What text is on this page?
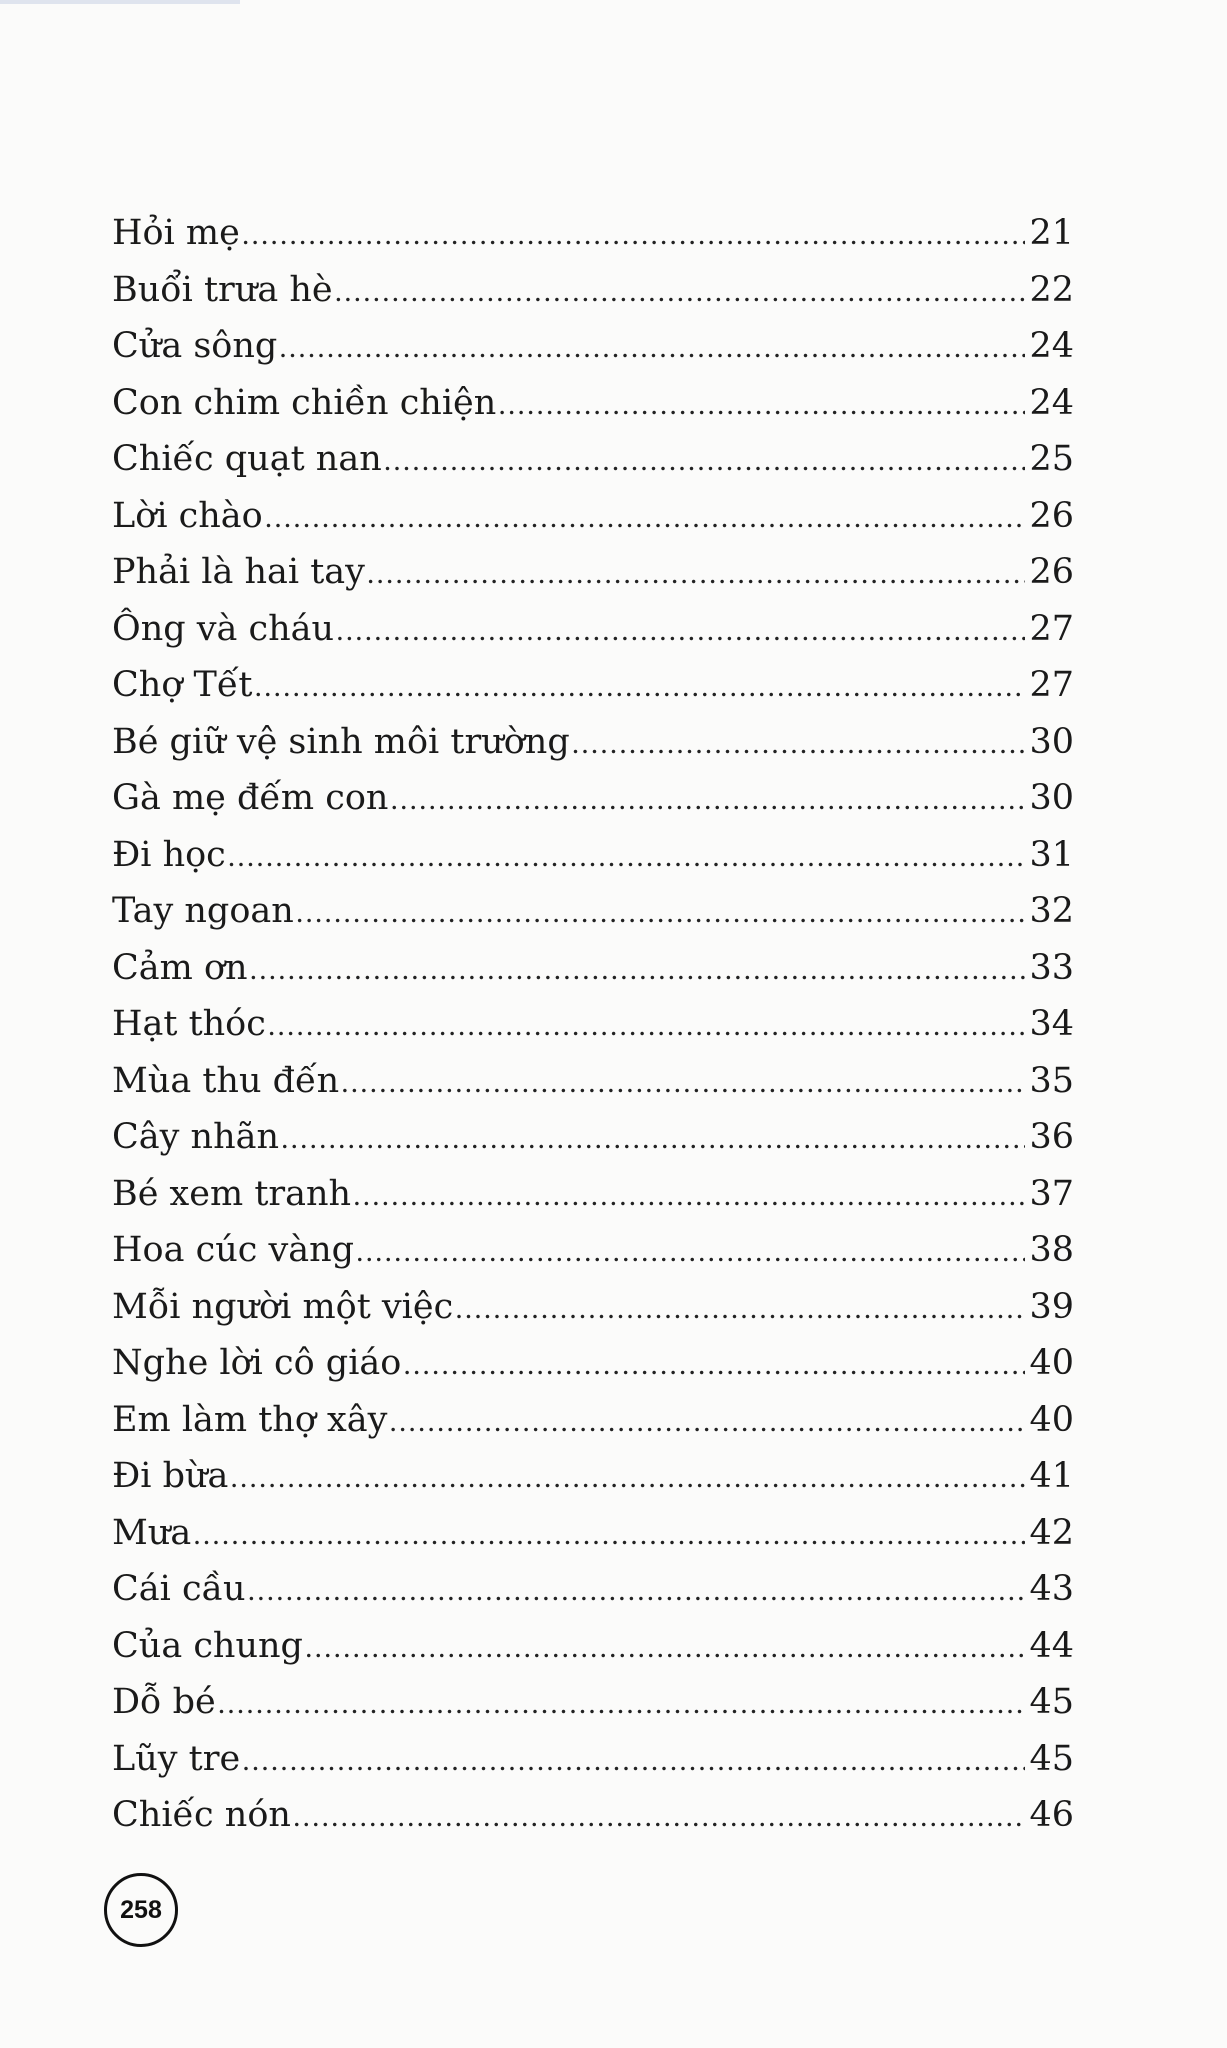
Hỏi mẹ .....	21
Buổi trưa hè .....	22
Cửa sông .....	24
Con chim chiền chiện .....	24
Chiếc quạt nan .....	25
Lời chào .....	26
Phải là hai tay .....	26
Ông và cháu .....	27
Chợ Tết .....	27
Bé giữ vệ sinh môi trường .....	30
Gà mẹ đếm con .....	30
Đi học .....	31
Tay ngoan .....	32
Cảm ơn .....	33
Hạt thóc .....	34
Mùa thu đến .....	35
Cây nhãn .....	36
Bé xem tranh .....	37
Hoa cúc vàng .....	38
Mỗi người một việc .....	39
Nghe lời cô giáo .....	40
Em làm thợ xây .....	40
Đi bừa .....	41
Mưa .....	42
Cái cầu .....	43
Của chung .....	44
Dỗ bé .....	45
Lũy tre .....	45
Chiếc nón .....	46
258
